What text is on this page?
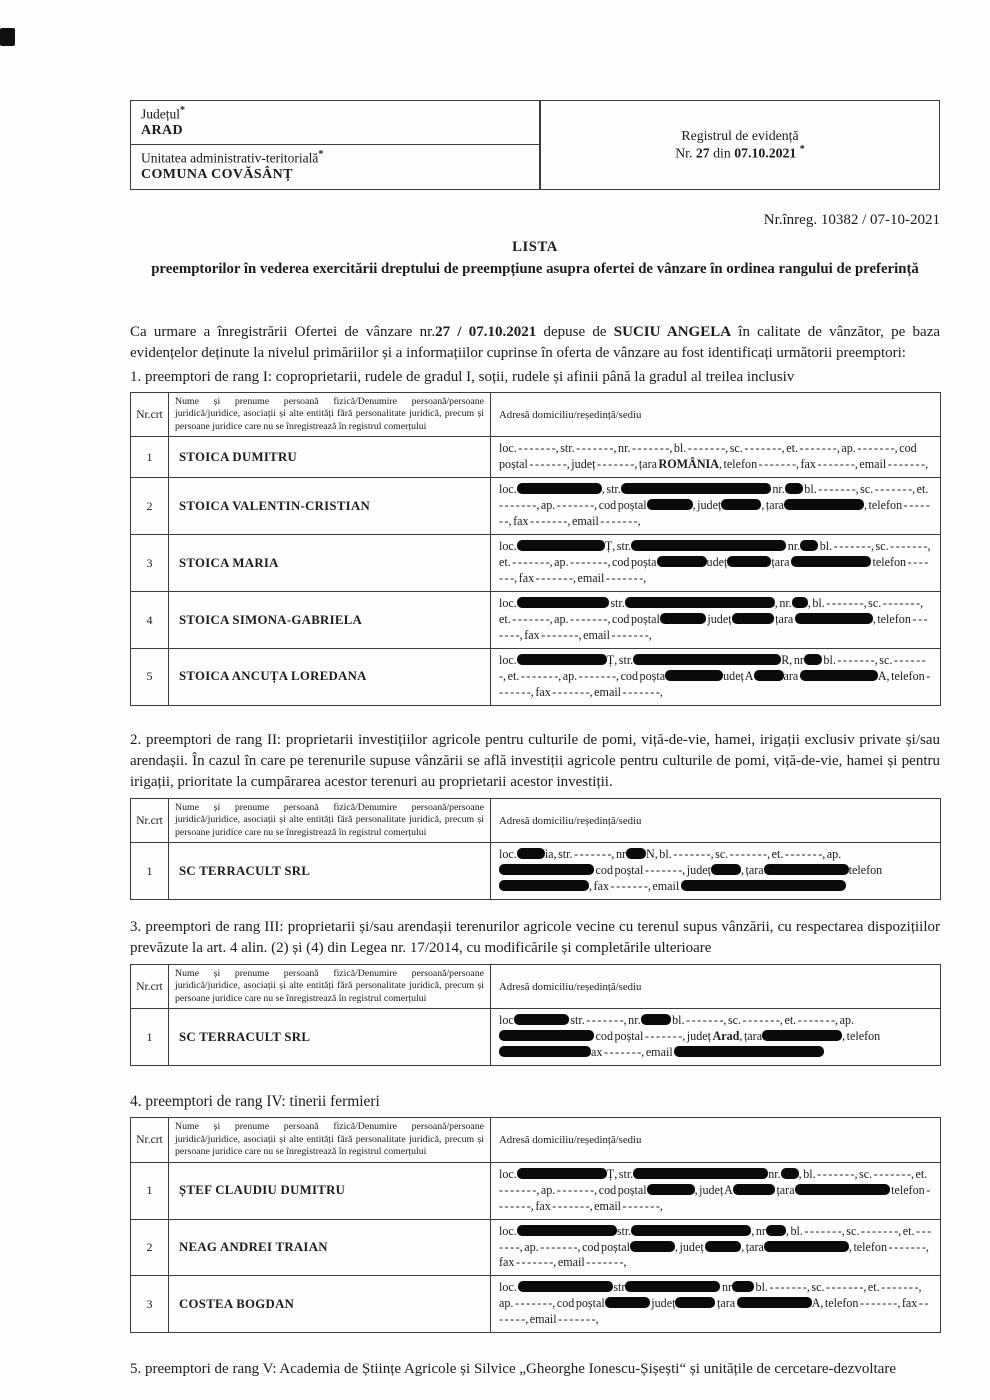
Județul*
ARAD
Unitatea administrativ-teritorială*
COMUNA COVĂSÂNȚ
Registrul de evidență
Nr. 27 din 07.10.2021 *
Nr.înreg. 10382 / 07-10-2021
LISTA
preemptorilor în vederea exercitării dreptului de preempțiune asupra ofertei de vânzare în ordinea rangului de preferință

Ca urmare a înregistrării Ofertei de vânzare nr.27 / 07.10.2021 depuse de SUCIU ANGELA în calitate de vânzător, pe baza evidențelor deținute la nivelul primăriilor și a informațiilor cuprinse în oferta de vânzare au fost identificați următorii preemptori:

1. preemptori de rang I: coproprietarii, rudele de gradul I, soții, rudele și afinii până la gradul al treilea inclusiv

Nr.crt	Nume și prenume persoană fizică/Denumire persoană/persoane juridică/juridice, asociații și alte entități fără personalitate juridică, precum și persoane juridice care nu se înregistrează în registrul comerțului	Adresă domiciliu/reședință/sediu
1	STOICA DUMITRU	loc. - - - - - - -, str. - - - - - - -, nr. - - - - - - -, bl. - - - - - - -, sc. - - - - - - -, et. - - - - - - -, ap. - - - - - - -, cod poștal - - - - - - -, județ - - - - - - -, țara ROMÂNIA, telefon - - - - - - -, fax - - - - - - -, email - - - - - - -,
2	STOICA VALENTIN-CRISTIAN	loc. , str. nr. bl. - - - - - - -, sc. - - - - - - -, et. - - - - - - -, ap. - - - - - - -, cod poștal , județ , țara , telefon - - - - - - -, fax - - - - - - -, email - - - - - - -,
3	STOICA MARIA	loc. Ț, str. nr. bl. - - - - - - -, sc. - - - - - - -, et. - - - - - - -, ap. - - - - - - -, cod poșta udeț țara telefon - - - - - - -, fax - - - - - - -, email - - - - - - -,
4	STOICA SIMONA-GABRIELA	loc. str. , nr. , bl. - - - - - - -, sc. - - - - - - -, et. - - - - - - -, ap. - - - - - - -, cod poștal județ țara , telefon - - - - - - -, fax - - - - - - -, email - - - - - - -,
5	STOICA ANCUȚA LOREDANA	loc. Ț, str. R, nr bl. - - - - - - -, sc. - - - - - - -, et. - - - - - - -, ap. - - - - - - -, cod poșta udeț A ara A, telefon - - - - - - -, fax - - - - - - -, email - - - - - - -,

2. preemptori de rang II: proprietarii investițiilor agricole pentru culturile de pomi, viță-de-vie, hamei, irigații exclusiv private și/sau arendașii. În cazul în care pe terenurile supuse vânzării se află investiții agricole pentru culturile de pomi, viță-de-vie, hamei și pentru irigații, prioritate la cumpărarea acestor terenuri au proprietarii acestor investiții.

Nr.crt	Nume și prenume persoană fizică/Denumire persoană/persoane juridică/juridice, asociații și alte entități fără personalitate juridică, precum și persoane juridice care nu se înregistrează în registrul comerțului	Adresă domiciliu/reședință/sediu
1	SC TERRACULT SRL	loc. ia, str. - - - - - - -, nr N, bl. - - - - - - -, sc. - - - - - - -, et. - - - - - - -, ap. cod poștal - - - - - - -, județ , țara telefon, fax - - - - - - -, email

3. preemptori de rang III: proprietarii și/sau arendașii terenurilor agricole vecine cu terenul supus vânzării, cu respectarea dispozițiilor prevăzute la art. 4 alin. (2) și (4) din Legea nr. 17/2014, cu modificările și completările ulterioare

Nr.crt	Nume și prenume persoană fizică/Denumire persoană/persoane juridică/juridice, asociații și alte entități fără personalitate juridică, precum și persoane juridice care nu se înregistrează în registrul comerțului	Adresă domiciliu/reședință/sediu
1	SC TERRACULT SRL	loc str. - - - - - - -, nr. bl. - - - - - - -, sc. - - - - - - -, et. - - - - - - -, ap.  cod poștal - - - - - - -, județ Arad, țara , telefonax - - - - - - -, email

4. preemptori de rang IV: tinerii fermieri

Nr.crt	Nume și prenume persoană fizică/Denumire persoană/persoane juridică/juridice, asociații și alte entități fără personalitate juridică, precum și persoane juridice care nu se înregistrează în registrul comerțului	Adresă domiciliu/reședință/sediu
1	ȘTEF CLAUDIU DUMITRU	loc. Ț, str. nr. , bl. - - - - - - -, sc. - - - - - - -, et. - - - - - - -, ap. - - - - - - -, cod poștal , județ A țara telefon - - - - - - -, fax - - - - - - -, email - - - - - - -,
2	NEAG ANDREI TRAIAN	loc. str. , nr , bl. - - - - - - -, sc. - - - - - - -, et. - - - - - - -, ap. - - - - - - -, cod poștal , județ , țara , telefon - - - - - - -, fax - - - - - - -, email - - - - - - -,
3	COSTEA BOGDAN	loc. str nr bl. - - - - - - -, sc. - - - - - - -, et. - - - - - - -, ap. - - - - - - -, cod poștal județ țara A, telefon - - - - - - -, fax - - - - - - -, email - - - - - - -,

5. preemptori de rang V: Academia de Științe Agricole și Silvice „Gheorghe Ionescu-Șișești“ și unitățile de cercetare-dezvoltare
